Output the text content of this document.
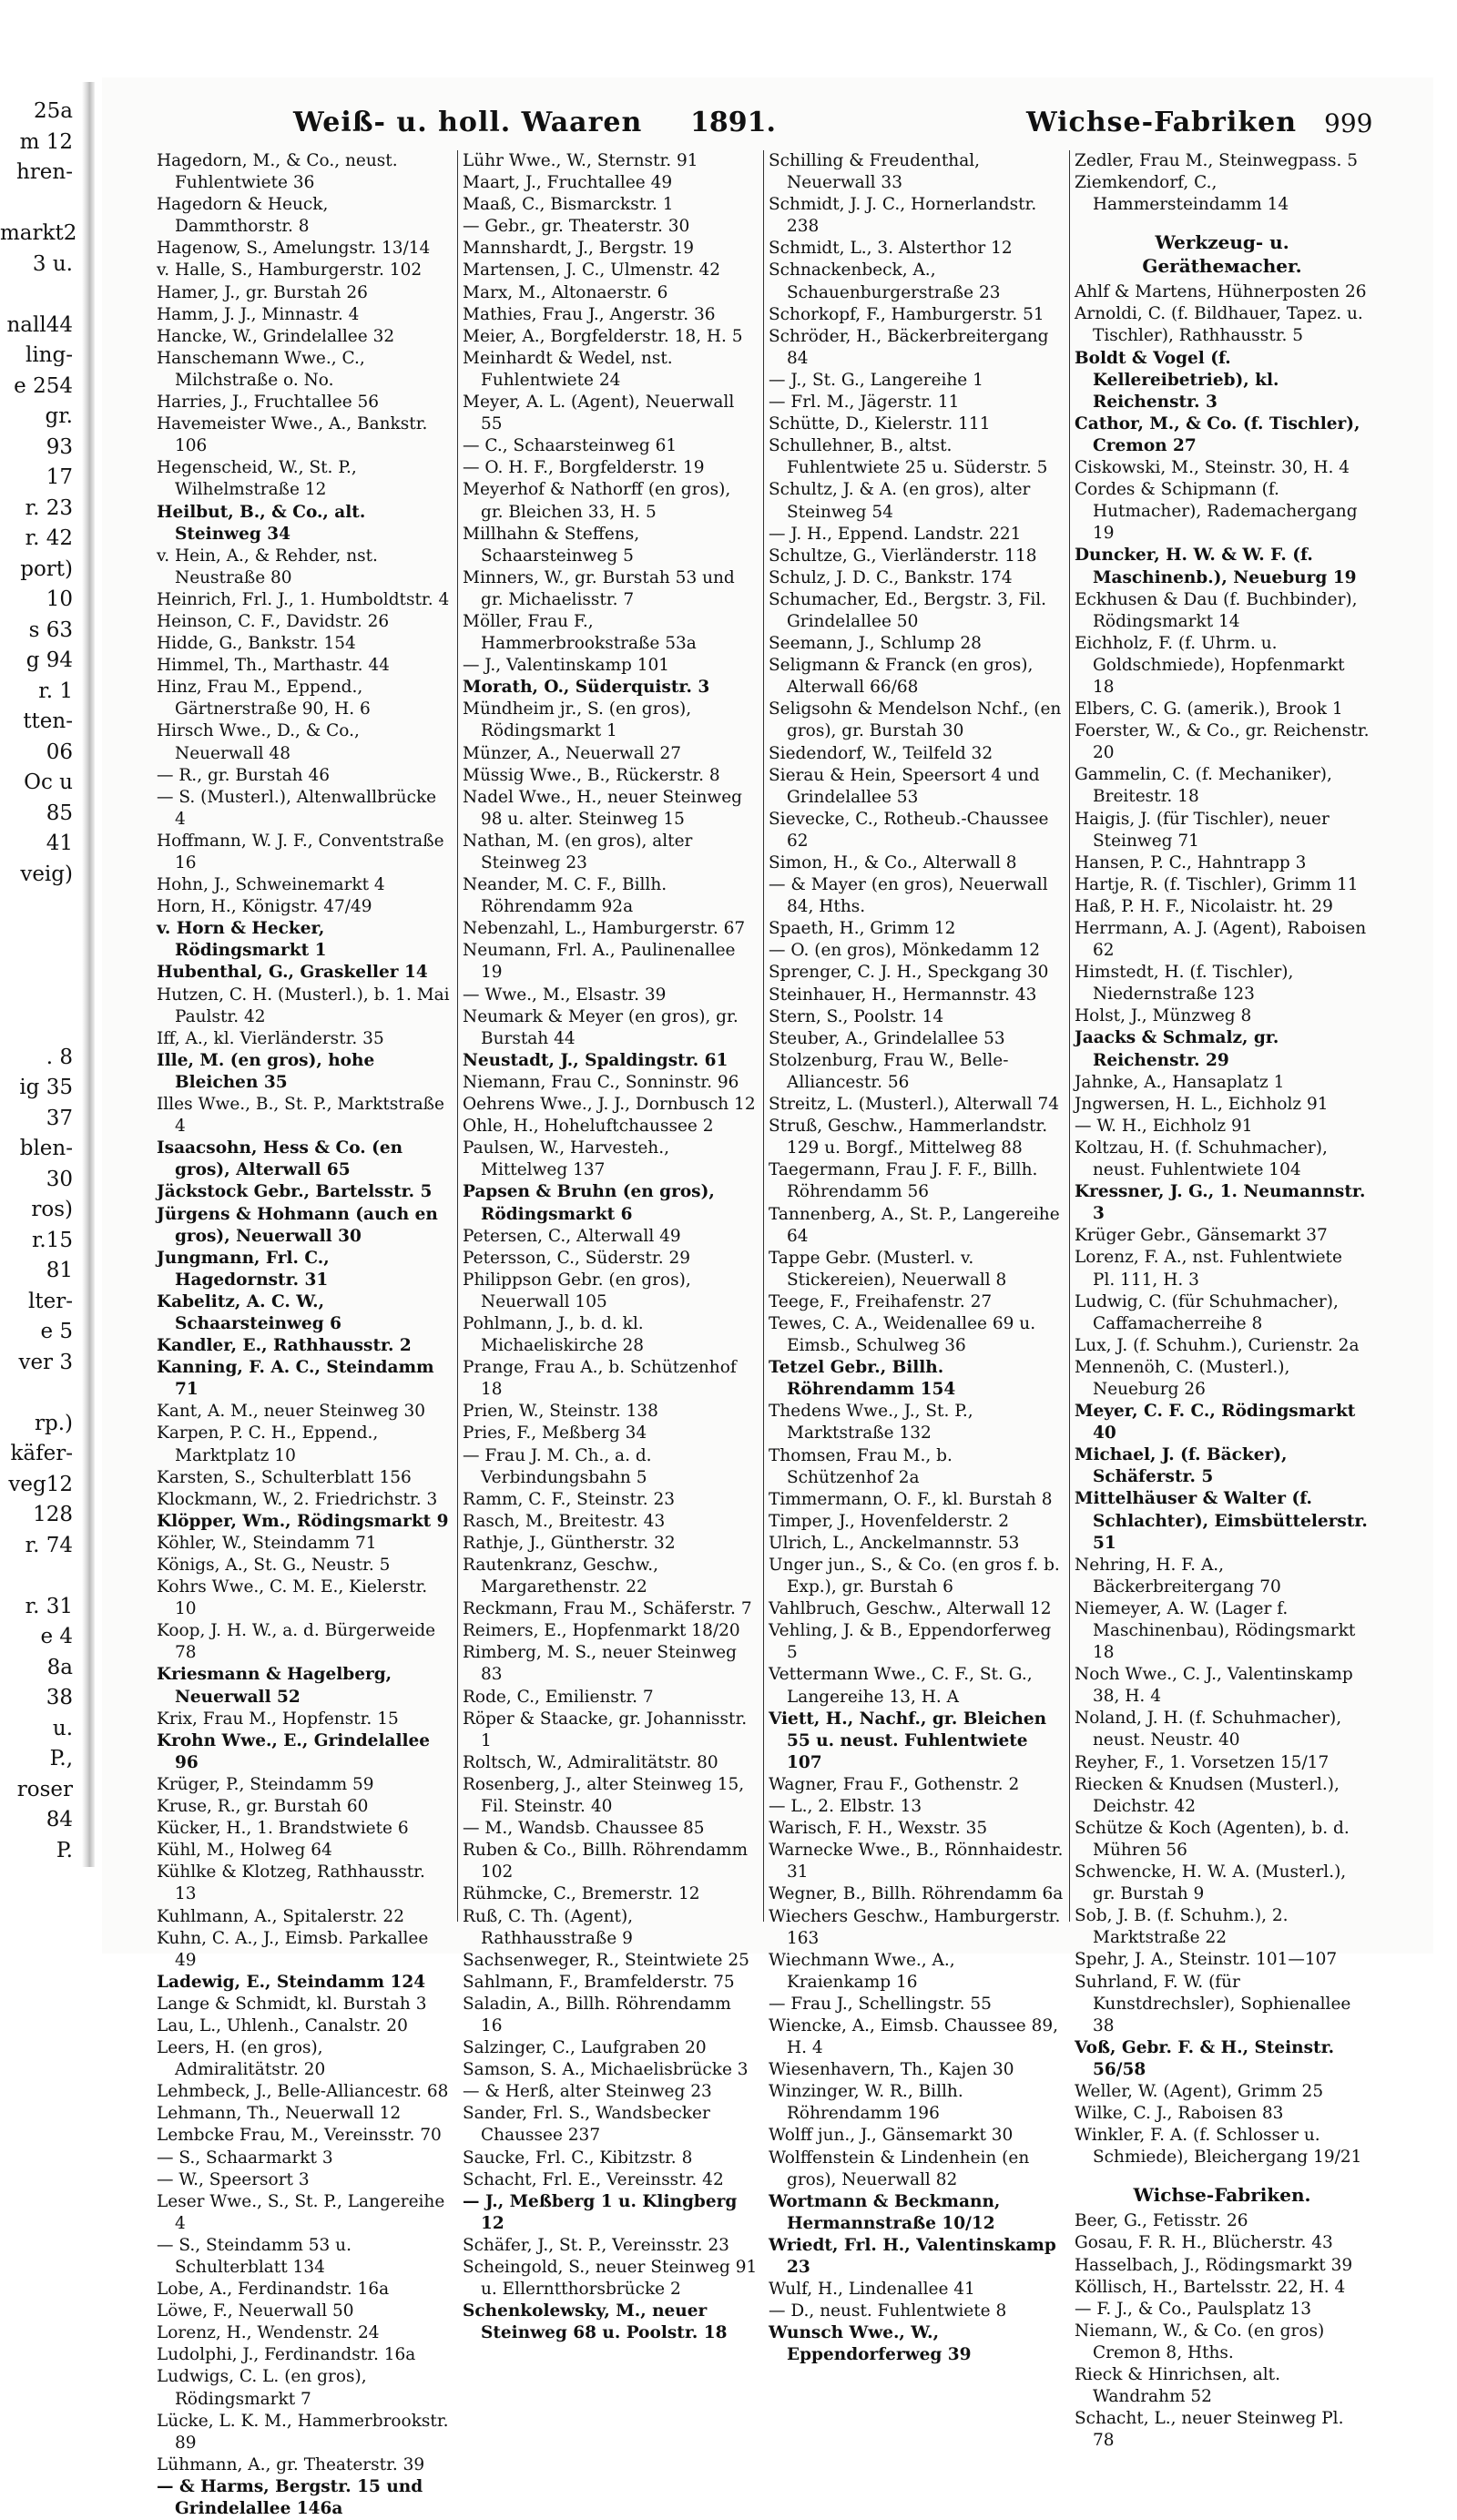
25a
m 12
hren-
markt2
3 u.
nall44
ling-
e 254
gr.
93
17
r. 23
r. 42
port)
10
s 63
g 94
r. 1
tten-
06
Oc u
85
41
veig)
. 8
ig 35
37
blen-
30
ros)
r.15
81
lter-
e 5
ver 3
rp.)
käfer-
veg12
128
r. 74
r. 31
e 4
8a
38
u.
P.,
roser
84
P.
Weiß- u. holl. Waaren 1891.	Wichse-Fabriken 999

Hagedorn, M., & Co., neust. Fuhlentwiete 36

Hagedorn & Heuck, Dammthorstr. 8

Hagenow, S., Amelungstr. 13/14

v. Halle, S., Hamburgerstr. 102

Hamer, J., gr. Burstah 26

Hamm, J. J., Minnastr. 4

Hancke, W., Grindelallee 32

Hanschemann Wwe., C., Milchstraße o. No.

Harries, J., Fruchtallee 56

Havemeister Wwe., A., Bankstr. 106

Hegenscheid, W., St. P., Wilhelmstraße 12

Heilbut, B., & Co., alt. Steinweg 34

v. Hein, A., & Rehder, nst. Neustraße 80

Heinrich, Frl. J., 1. Humboldtstr. 4

Heinson, C. F., Davidstr. 26

Hidde, G., Bankstr. 154

Himmel, Th., Marthastr. 44

Hinz, Frau M., Eppend., Gärtnerstraße 90, H. 6

Hirsch Wwe., D., & Co., Neuerwall 48

— R., gr. Burstah 46

— S. (Musterl.), Altenwallbrücke 4

Hoffmann, W. J. F., Conventstraße 16

Hohn, J., Schweinemarkt 4

Horn, H., Königstr. 47/49

v. Horn & Hecker, Rödingsmarkt 1

Hubenthal, G., Graskeller 14

Hutzen, C. H. (Musterl.), b. 1. Mai Paulstr. 42

Iff, A., kl. Vierländerstr. 35

Ille, M. (en gros), hohe Bleichen 35

Illes Wwe., B., St. P., Marktstraße 4

Isaacsohn, Hess & Co. (en gros), Alterwall 65

Jäckstock Gebr., Bartelsstr. 5

Jürgens & Hohmann (auch en gros), Neuerwall 30

Jungmann, Frl. C., Hagedornstr. 31

Kabelitz, A. C. W., Schaarsteinweg 6

Kandler, E., Rathhausstr. 2

Kanning, F. A. C., Steindamm 71

Kant, A. M., neuer Steinweg 30

Karpen, P. C. H., Eppend., Marktplatz 10

Karsten, S., Schulterblatt 156

Klockmann, W., 2. Friedrichstr. 3

Klöpper, Wm., Rödingsmarkt 9

Köhler, W., Steindamm 71

Königs, A., St. G., Neustr. 5

Kohrs Wwe., C. M. E., Kielerstr. 10

Koop, J. H. W., a. d. Bürgerweide 78

Kriesmann & Hagelberg, Neuerwall 52

Krix, Frau M., Hopfenstr. 15

Krohn Wwe., E., Grindelallee 96

Krüger, P., Steindamm 59

Kruse, R., gr. Burstah 60

Kücker, H., 1. Brandstwiete 6

Kühl, M., Holweg 64

Kühlke & Klotzeg, Rathhausstr. 13

Kuhlmann, A., Spitalerstr. 22

Kuhn, C. A., J., Eimsb. Parkallee 49

Ladewig, E., Steindamm 124

Lange & Schmidt, kl. Burstah 3

Lau, L., Uhlenh., Canalstr. 20

Leers, H. (en gros), Admiralitätstr. 20

Lehmbeck, J., Belle-Alliancestr. 68

Lehmann, Th., Neuerwall 12

Lembcke Frau, M., Vereinsstr. 70

— S., Schaarmarkt 3

— W., Speersort 3

Leser Wwe., S., St. P., Langereihe 4

— S., Steindamm 53 u. Schulterblatt 134

Lobe, A., Ferdinandstr. 16a

Löwe, F., Neuerwall 50

Lorenz, H., Wendenstr. 24

Ludolphi, J., Ferdinandstr. 16a

Ludwigs, C. L. (en gros), Rödingsmarkt 7

Lücke, L. K. M., Hammerbrookstr. 89

Lühmann, A., gr. Theaterstr. 39

— & Harms, Bergstr. 15 und Grindelallee 146a

Lühr Wwe., W., Sternstr. 91

Maart, J., Fruchtallee 49

Maaß, C., Bismarckstr. 1

— Gebr., gr. Theaterstr. 30

Mannshardt, J., Bergstr. 19

Martensen, J. C., Ulmenstr. 42

Marx, M., Altonaerstr. 6

Mathies, Frau J., Angerstr. 36

Meier, A., Borgfelderstr. 18, H. 5

Meinhardt & Wedel, nst. Fuhlentwiete 24

Meyer, A. L. (Agent), Neuerwall 55

— C., Schaarsteinweg 61

— O. H. F., Borgfelderstr. 19

Meyerhof & Nathorff (en gros), gr. Bleichen 33, H. 5

Millhahn & Steffens, Schaarsteinweg 5

Minners, W., gr. Burstah 53 und gr. Michaelisstr. 7

Möller, Frau F., Hammerbrookstraße 53a

— J., Valentinskamp 101

Morath, O., Süderquistr. 3

Mündheim jr., S. (en gros), Rödingsmarkt 1

Münzer, A., Neuerwall 27

Müssig Wwe., B., Rückerstr. 8

Nadel Wwe., H., neuer Steinweg 98 u. alter. Steinweg 15

Nathan, M. (en gros), alter Steinweg 23

Neander, M. C. F., Billh. Röhrendamm 92a

Nebenzahl, L., Hamburgerstr. 67

Neumann, Frl. A., Paulinenallee 19

— Wwe., M., Elsastr. 39

Neumark & Meyer (en gros), gr. Burstah 44

Neustadt, J., Spaldingstr. 61

Niemann, Frau C., Sonninstr. 96

Oehrens Wwe., J. J., Dornbusch 12

Ohle, H., Hoheluftchaussee 2

Paulsen, W., Harvesteh., Mittelweg 137

Papsen & Bruhn (en gros), Rödingsmarkt 6

Petersen, C., Alterwall 49

Petersson, C., Süderstr. 29

Philippson Gebr. (en gros), Neuerwall 105

Pohlmann, J., b. d. kl. Michaeliskirche 28

Prange, Frau A., b. Schützenhof 18

Prien, W., Steinstr. 138

Pries, F., Meßberg 34

— Frau J. M. Ch., a. d. Verbindungsbahn 5

Ramm, C. F., Steinstr. 23

Rasch, M., Breitestr. 43

Rathje, J., Güntherstr. 32

Rautenkranz, Geschw., Margarethenstr. 22

Reckmann, Frau M., Schäferstr. 7

Reimers, E., Hopfenmarkt 18/20

Rimberg, M. S., neuer Steinweg 83

Rode, C., Emilienstr. 7

Röper & Staacke, gr. Johannisstr. 1

Roltsch, W., Admiralitätstr. 80

Rosenberg, J., alter Steinweg 15, Fil. Steinstr. 40

— M., Wandsb. Chaussee 85

Ruben & Co., Billh. Röhrendamm 102

Rühmcke, C., Bremerstr. 12

Ruß, C. Th. (Agent), Rathhausstraße 9

Sachsenweger, R., Steintwiete 25

Sahlmann, F., Bramfelderstr. 75

Saladin, A., Billh. Röhrendamm 16

Salzinger, C., Laufgraben 20

Samson, S. A., Michaelisbrücke 3

— & Herß, alter Steinweg 23

Sander, Frl. S., Wandsbecker Chaussee 237

Saucke, Frl. C., Kibitzstr. 8

Schacht, Frl. E., Vereinsstr. 42

— J., Meßberg 1 u. Klingberg 12

Schäfer, J., St. P., Vereinsstr. 23

Scheingold, S., neuer Steinweg 91 u. Ellerntthorsbrücke 2

Schenkolewsky, M., neuer Steinweg 68 u. Poolstr. 18

Schilling & Freudenthal, Neuerwall 33

Schmidt, J. J. C., Hornerlandstr. 238

Schmidt, L., 3. Alsterthor 12

Schnackenbeck, A., Schauenburgerstraße 23

Schorkopf, F., Hamburgerstr. 51

Schröder, H., Bäckerbreitergang 84

— J., St. G., Langereihe 1

— Frl. M., Jägerstr. 11

Schütte, D., Kielerstr. 111

Schullehner, B., altst. Fuhlentwiete 25 u. Süderstr. 5

Schultz, J. & A. (en gros), alter Steinweg 54

— J. H., Eppend. Landstr. 221

Schultze, G., Vierländerstr. 118

Schulz, J. D. C., Bankstr. 174

Schumacher, Ed., Bergstr. 3, Fil. Grindelallee 50

Seemann, J., Schlump 28

Seligmann & Franck (en gros), Alterwall 66/68

Seligsohn & Mendelson Nchf., (en gros), gr. Burstah 30

Siedendorf, W., Teilfeld 32

Sierau & Hein, Speersort 4 und Grindelallee 53

Sievecke, C., Rotheub.-Chaussee 62

Simon, H., & Co., Alterwall 8

— & Mayer (en gros), Neuerwall 84, Hths.

Spaeth, H., Grimm 12

— O. (en gros), Mönkedamm 12

Sprenger, C. J. H., Speckgang 30

Steinhauer, H., Hermannstr. 43

Stern, S., Poolstr. 14

Steuber, A., Grindelallee 53

Stolzenburg, Frau W., Belle-Alliancestr. 56

Streitz, L. (Musterl.), Alterwall 74

Struß, Geschw., Hammerlandstr. 129 u. Borgf., Mittelweg 88

Taegermann, Frau J. F. F., Billh. Röhrendamm 56

Tannenberg, A., St. P., Langereihe 64

Tappe Gebr. (Musterl. v. Stickereien), Neuerwall 8

Teege, F., Freihafenstr. 27

Tewes, C. A., Weidenallee 69 u. Eimsb., Schulweg 36

Tetzel Gebr., Billh. Röhrendamm 154

Thedens Wwe., J., St. P., Marktstraße 132

Thomsen, Frau M., b. Schützenhof 2a

Timmermann, O. F., kl. Burstah 8

Timper, J., Hovenfelderstr. 2

Ulrich, L., Anckelmannstr. 53

Unger jun., S., & Co. (en gros f. b. Exp.), gr. Burstah 6

Vahlbruch, Geschw., Alterwall 12

Vehling, J. & B., Eppendorferweg 5

Vettermann Wwe., C. F., St. G., Langereihe 13, H. A

Viett, H., Nachf., gr. Bleichen 55 u. neust. Fuhlentwiete 107

Wagner, Frau F., Gothenstr. 2

— L., 2. Elbstr. 13

Warisch, F. H., Wexstr. 35

Warnecke Wwe., B., Rönnhaidestr. 31

Wegner, B., Billh. Röhrendamm 6a

Wiechers Geschw., Hamburgerstr. 163

Wiechmann Wwe., A., Kraienkamp 16

— Frau J., Schellingstr. 55

Wiencke, A., Eimsb. Chaussee 89, H. 4

Wiesenhavern, Th., Kajen 30

Winzinger, W. R., Billh. Röhrendamm 196

Wolff jun., J., Gänsemarkt 30

Wolffenstein & Lindenhein (en gros), Neuerwall 82

Wortmann & Beckmann, Hermannstraße 10/12

Wriedt, Frl. H., Valentinskamp 23

Wulf, H., Lindenallee 41

— D., neust. Fuhlentwiete 8

Wunsch Wwe., W., Eppendorferweg 39

Zedler, Frau M., Steinwegpass. 5

Ziemkendorf, C., Hammersteindamm 14

Werkzeug- u. Gerätheмacher.

Ahlf & Martens, Hühnerposten 26

Arnoldi, C. (f. Bildhauer, Tapez. u. Tischler), Rathhausstr. 5

Boldt & Vogel (f. Kellereibetrieb), kl. Reichenstr. 3

Cathor, M., & Co. (f. Tischler), Cremon 27

Ciskowski, M., Steinstr. 30, H. 4

Cordes & Schipmann (f. Hutmacher), Rademachergang 19

Duncker, H. W. & W. F. (f. Maschinenb.), Neueburg 19

Eckhusen & Dau (f. Buchbinder), Rödingsmarkt 14

Eichholz, F. (f. Uhrm. u. Goldschmiede), Hopfenmarkt 18

Elbers, C. G. (amerik.), Brook 1

Foerster, W., & Co., gr. Reichenstr. 20

Gammelin, C. (f. Mechaniker), Breitestr. 18

Haigis, J. (für Tischler), neuer Steinweg 71

Hansen, P. C., Hahntrapp 3

Hartje, R. (f. Tischler), Grimm 11

Haß, P. H. F., Nicolaistr. ht. 29

Herrmann, A. J. (Agent), Raboisen 62

Himstedt, H. (f. Tischler), Niedernstraße 123

Holst, J., Münzweg 8

Jaacks & Schmalz, gr. Reichenstr. 29

Jahnke, A., Hansaplatz 1

Jngwersen, H. L., Eichholz 91

— W. H., Eichholz 91

Koltzau, H. (f. Schuhmacher), neust. Fuhlentwiete 104

Kressner, J. G., 1. Neumannstr. 3

Krüger Gebr., Gänsemarkt 37

Lorenz, F. A., nst. Fuhlentwiete Pl. 111, H. 3

Ludwig, C. (für Schuhmacher), Caffamacherreihe 8

Lux, J. (f. Schuhm.), Curienstr. 2a

Mennenöh, C. (Musterl.), Neueburg 26

Meyer, C. F. C., Rödingsmarkt 40

Michael, J. (f. Bäcker), Schäferstr. 5

Mittelhäuser & Walter (f. Schlachter), Eimsbüttelerstr. 51

Nehring, H. F. A., Bäckerbreitergang 70

Niemeyer, A. W. (Lager f. Maschinenbau), Rödingsmarkt 18

Noch Wwe., C. J., Valentinskamp 38, H. 4

Noland, J. H. (f. Schuhmacher), neust. Neustr. 40

Reyher, F., 1. Vorsetzen 15/17

Riecken & Knudsen (Musterl.), Deichstr. 42

Schütze & Koch (Agenten), b. d. Mühren 56

Schwencke, H. W. A. (Musterl.), gr. Burstah 9

Sob, J. B. (f. Schuhm.), 2. Marktstraße 22

Spehr, J. A., Steinstr. 101—107

Suhrland, F. W. (für Kunstdrechsler), Sophienallee 38

Voß, Gebr. F. & H., Steinstr. 56/58

Weller, W. (Agent), Grimm 25

Wilke, C. J., Raboisen 83

Winkler, F. A. (f. Schlosser u. Schmiede), Bleichergang 19/21

Wichse-Fabriken.

Beer, G., Fetisstr. 26

Gosau, F. R. H., Blücherstr. 43

Hasselbach, J., Rödingsmarkt 39

Köllisch, H., Bartelsstr. 22, H. 4

— F. J., & Co., Paulsplatz 13

Niemann, W., & Co. (en gros) Cremon 8, Hths.

Rieck & Hinrichsen, alt. Wandrahm 52

Schacht, L., neuer Steinweg Pl. 78
